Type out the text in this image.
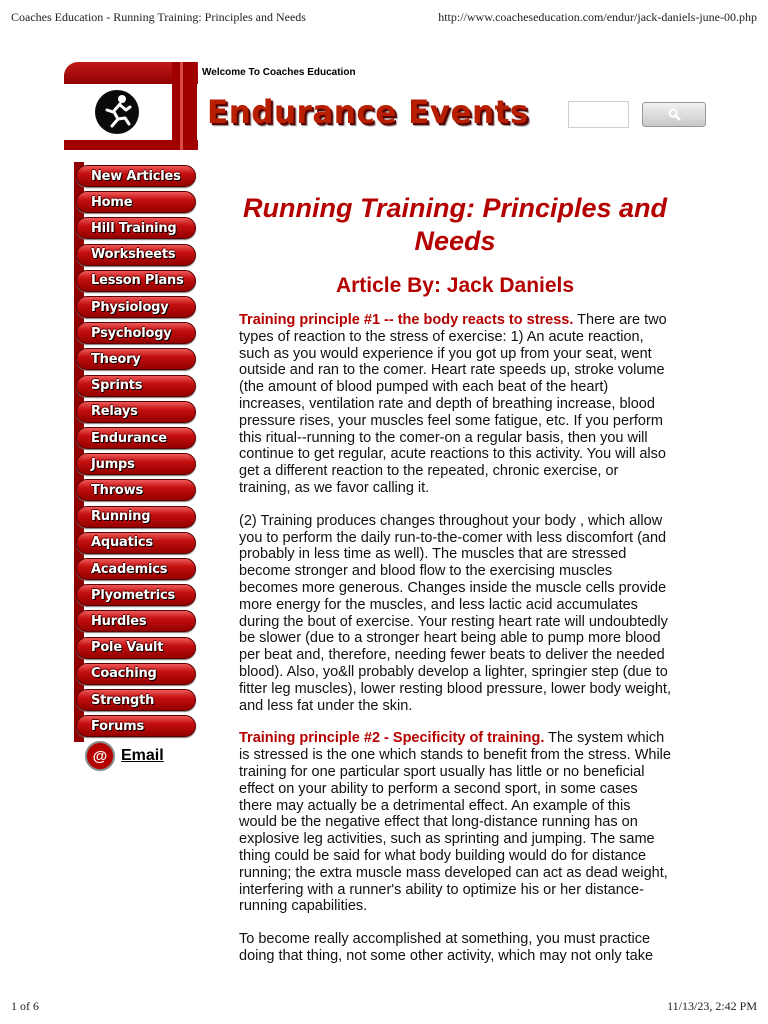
Coaches Education - Running Training: Principles and Needs	http://www.coacheseducation.com/endur/jack-daniels-june-00.php
Welcome To Coaches Education
Endurance Events
New Articles
Home
Hill Training
Worksheets
Lesson Plans
Physiology
Psychology
Theory
Sprints
Relays
Endurance
Jumps
Throws
Running
Aquatics
Academics
Plyometrics
Hurdles
Pole Vault
Coaching
Strength
Forums
@ Email
Running Training: Principles and Needs
Article By: Jack Daniels

Training principle #1 -- the body reacts to stress. There are two types of reaction to the stress of exercise: 1) An acute reaction, such as you would experience if you got up from your seat, went outside and ran to the comer. Heart rate speeds up, stroke volume (the amount of blood pumped with each beat of the heart) increases, ventilation rate and depth of breathing increase, blood pressure rises, your muscles feel some fatigue, etc. If you perform this ritual--running to the comer-on a regular basis, then you will continue to get regular, acute reactions to this activity. You will also get a different reaction to the repeated, chronic exercise, or training, as we favor calling it.

(2) Training produces changes throughout your body , which allow you to perform the daily run-to-the-comer with less discomfort (and probably in less time as well). The muscles that are stressed become stronger and blood flow to the exercising muscles becomes more generous. Changes inside the muscle cells provide more energy for the muscles, and less lactic acid accumulates during the bout of exercise. Your resting heart rate will undoubtedly be slower (due to a stronger heart being able to pump more blood per beat and, therefore, needing fewer beats to deliver the needed blood). Also, yo&ll probably develop a lighter, springier step (due to fitter leg muscles), lower resting blood pressure, lower body weight, and less fat under the skin.

Training principle #2 - Specificity of training. The system which is stressed is the one which stands to benefit from the stress. While training for one particular sport usually has little or no beneficial effect on your ability to perform a second sport, in some cases there may actually be a detrimental effect. An example of this would be the negative effect that long-distance running has on explosive leg activities, such as sprinting and jumping. The same thing could be said for what body building would do for distance running; the extra muscle mass developed can act as dead weight, interfering with a runner's ability to optimize his or her distance-running capabilities.

To become really accomplished at something, you must practice doing that thing, not some other activity, which may not only take

1 of 6	11/13/23, 2:42 PM
